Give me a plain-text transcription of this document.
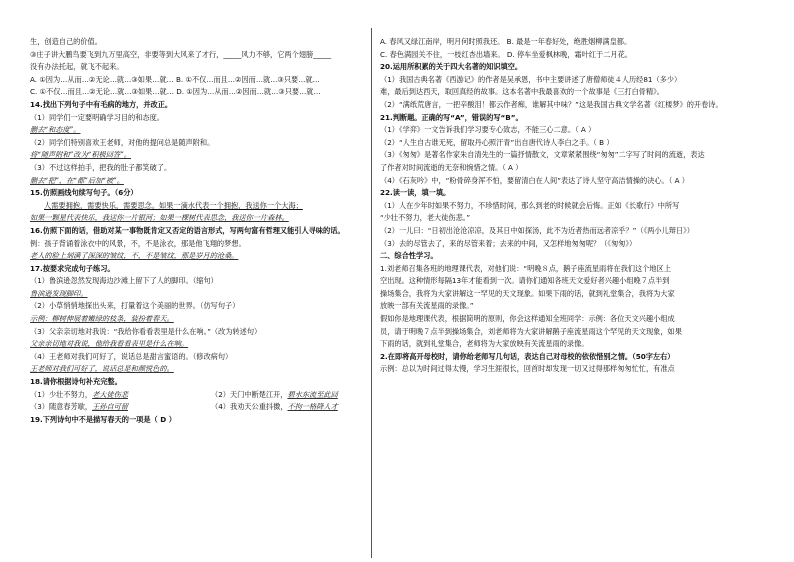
生，创造自己的价值。
③庄子讲大鹏鸟要飞到九万里高空，非要等到大风来了才行，_____风力不够，它两个翅膀_____
没有办法托起，就飞不起来。
A. ①因为…从而…②无论…就…③如果…就… B. ①不仅…而且…②因而…就…③只要…就…
C. ①不仅…而且…②无论…就…③如果…就… D. ①因为…从而…②因而…就…③只要…就…
14.找出下列句子中有毛病的地方，并改正。
（1）同学们一定要明确学习目的和态度。
删去“和态度”。
（2）同学们特别喜欢王老师，对他的提问总是随声附和。
将“随声附和”改为“积极回答”。
（3）不过这样拍手，把我的肚子都笑破了。
删去“把”，在“都”后加“被”。
15.仿照画线句续写句子。（6分）
人需要拥抱，需要快乐，需要思念。如果一滴水代表一个拥抱，我送你一个大海；
如果一颗星代表快乐，我送你一片银河；如果一棵树代表思念，我送你一片森林。
16.仿照下面的话，借助对某一事物既肯定又否定的语言形式，写两句富有哲理又能引人寻味的话。
例：孩子背诵着泳衣中的风景，不，不是泳衣，那是他飞翔的梦想。
老人的脸上刻满了深深的皱纹，不，不是皱纹，那是岁月的沧桑。
17.按要求完成句子练习。
（1）鲁滨逊忽然发现海边沙滩上留下了人的脚印。（缩句）
鲁滨逊发现脚印。
（2）小草悄悄地探出头来，打量着这个美丽的世界。（仿写句子）
示例：柳树伸展着嫩绿的枝条，装扮着春天。
（3）父亲亲切地对我说：“我给你看看表里是什么在响。”（改为转述句）
父亲亲切地对我说，他给我看看表里是什么在响。
（4）王老师对我们可好了，说话总是甜言蜜语的。（修改病句）
王老师对我们可好了，说话总是和颜悦色的。
18.请你根据诗句补充完整。
（1）少壮不努力，老大徒伤悲	（2）天门中断楚江开，碧水东流至此回
（3）随意春芳歇，王孙自可留	（4）我劝天公重抖擞，不拘一格降人才
19.下列诗句中不是描写春天的一项是（ D ）
A. 春风又绿江南岸，明月何时照我还。 B. 最是一年春好处，绝胜烟柳满皇都。
C. 春色满园关不住，一枝红杏出墙来。 D. 停车坐爱枫林晚，霜叶红于二月花。
20.运用所积累的关于四大名著的知识填空。
（1）我国古典名著《西游记》的作者是吴承恩，书中主要讲述了唐僧师徒４人历经81（多少）
难，最后到达西天，取回真经的故事。这本名著中我最喜欢的一个故事是《三打白骨精》。
（2）“满纸荒唐言，一把辛酸泪！都云作者痴，谁解其中味？”这是我国古典文学名著《红楼梦》的开卷诗。
21.判断题。正确的写“A”，错误的写“B”。
（1）《学弈》一文告诉我们学习要专心致志，不能三心二意。（ A ）
（2）“人生自古谁无死，留取丹心照汗青”出自唐代诗人李白之手。（ B ）
（3）《匆匆》是著名作家朱自清先生的一篇抒情散文，文章紧紧围绕“匆匆”二字写了时间的流逝，表达
了作者对时间流逝的无奈和惋惜之情。（ A ）
（4）《石灰吟》中，“粉骨碎身浑不怕，要留清白在人间”表达了诗人坚守高洁情操的决心。（ A ）
22.读一读，填一填。
（1）人在少年时如果不努力，不珍惜时间，那么到老的时候就会后悔。正如《长歌行》中所写
“少壮不努力，老大徒伤悲。”
（2）一儿曰：“日初出沧沧凉凉，及其日中如探汤，此不为近者热而远者凉乎？”（《两小儿辩日》）
（3）去的尽管去了，来的尽管来着；去来的中间，又怎样地匆匆呢？（《匆匆》）
二、综合性学习。
1.刘老师召集各班的地理课代表，对他们说：“明晚８点，鹅子座流星雨将在我们这个地区上
空出现。这种情形每隔13年才能看到一次。请你们通知各班天文爱好者兴趣小组晚７点半到
操场集合，我将为大家讲解这一罕见的天文现象。如果下雨的话，就到礼堂集合，我将为大家
放映一部有关流星雨的录像。”
假如你是地理课代表，根据简明的原则，你会这样通知全班同学：示例：各位天文兴趣小组成
员，请于明晚７点半到操场集合，刘老师将为大家讲解鹅子座流星雨这个罕见的天文现象，如果
下雨的话，就到礼堂集合，老师将为大家放映有关流星雨的录像。
2.在即将高开母校时，请你给老师写几句话，表达自己对母校的依依惜别之情。（50字左右）
示例：总以为时间过得太慢，学习生涯很长，回首时却发现一切又过得那样匆匆忙忙，有准点
